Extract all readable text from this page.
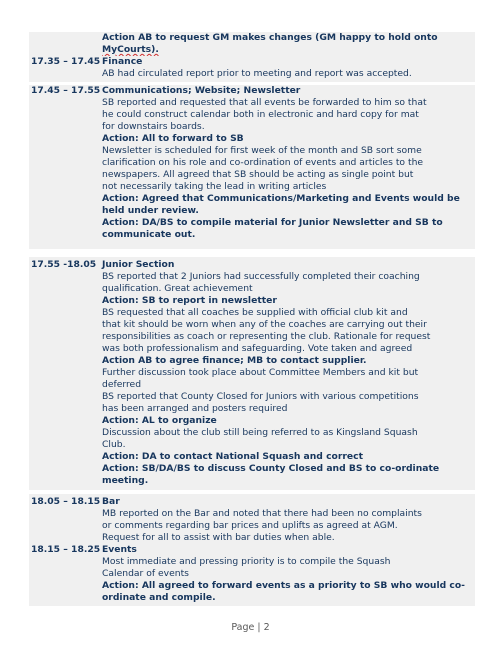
Action AB to request GM makes changes (GM happy to hold onto
MyCourts).
17.35 – 17.45 Finance
AB had circulated report prior to meeting and report was accepted.
17.45 – 17.55 Communications; Website; Newsletter
SB reported and requested that all events be forwarded to him so that
he could construct calendar both in electronic and hard copy for mat
for downstairs boards.
Action: All to forward to SB
Newsletter is scheduled for first week of the month and SB sort some
clarification on his role and co-ordination of events and articles to the
newspapers. All agreed that SB should be acting as single point but
not necessarily taking the lead in writing articles
Action: Agreed that Communications/Marketing and Events would be
held under review.
Action: DA/BS to compile material for Junior Newsletter and SB to
communicate out.
17.55 -18.05 Junior Section
BS reported that 2 Juniors had successfully completed their coaching
qualification. Great achievement
Action: SB to report in newsletter
BS requested that all coaches be supplied with official club kit and
that kit should be worn when any of the coaches are carrying out their
responsibilities as coach or representing the club. Rationale for request
was both professionalism and safeguarding. Vote taken and agreed
Action AB to agree finance; MB to contact supplier.
Further discussion took place about Committee Members and kit but
deferred
BS reported that County Closed for Juniors with various competitions
has been arranged and posters required
Action: AL to organize
Discussion about the club still being referred to as Kingsland Squash
Club.
Action: DA to contact National Squash and correct
Action: SB/DA/BS to discuss County Closed and BS to co-ordinate
meeting.
18.05 – 18.15 Bar
MB reported on the Bar and noted that there had been no complaints
or comments regarding bar prices and uplifts as agreed at AGM.
Request for all to assist with bar duties when able.
18.15 – 18.25 Events
Most immediate and pressing priority is to compile the Squash
Calendar of events
Action: All agreed to forward events as a priority to SB who would co-
ordinate and compile.
Page | 2
